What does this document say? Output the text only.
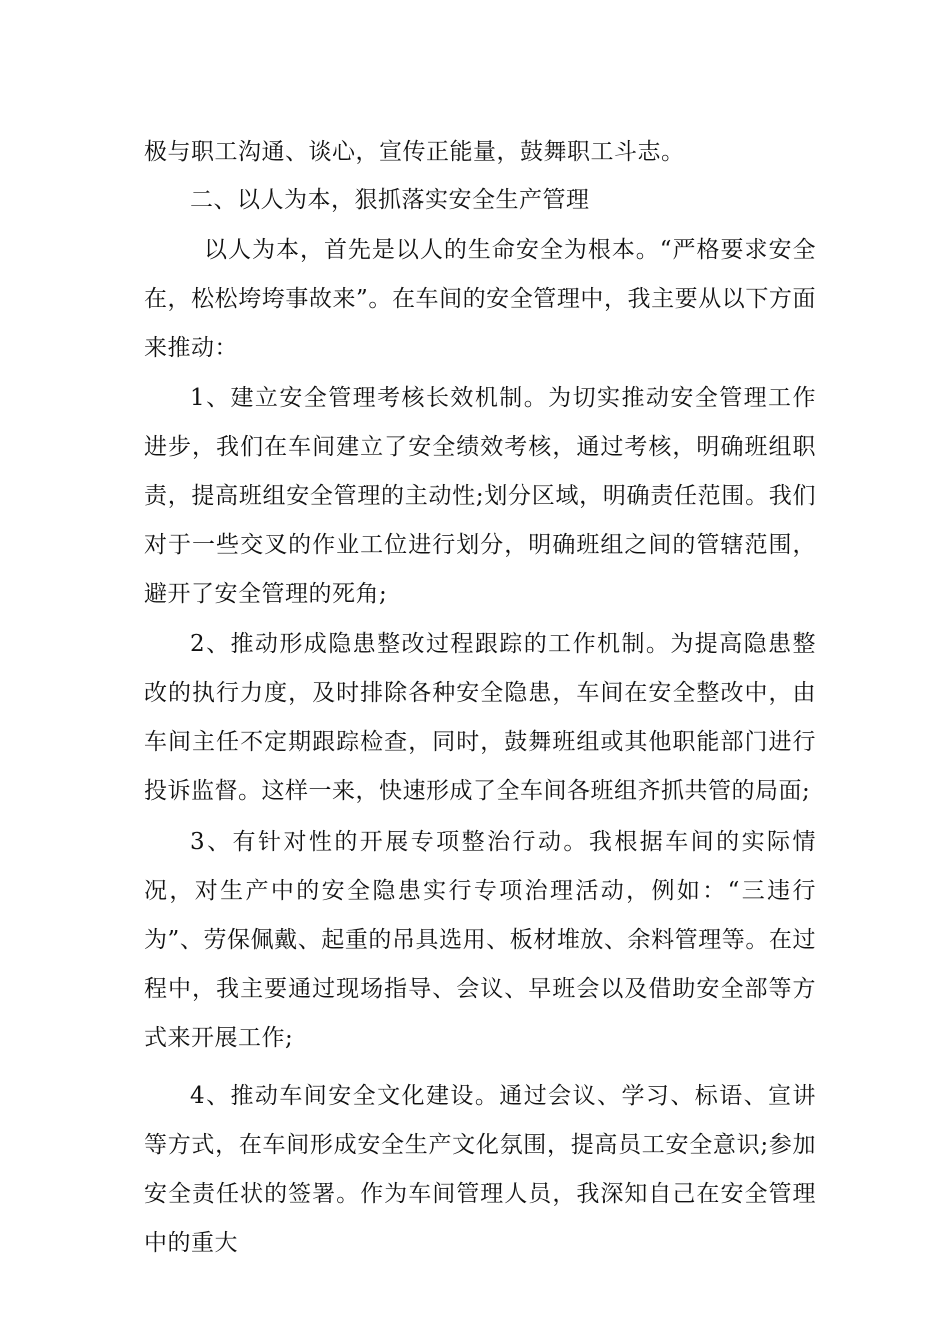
极与职工沟通、谈心，宣传正能量，鼓舞职工斗志。

二、以人为本，狠抓落实安全生产管理

以人为本，首先是以人的生命安全为根本。“严格要求安全在，松松垮垮事故来”。在车间的安全管理中，我主要从以下方面来推动：

1、建立安全管理考核长效机制。为切实推动安全管理工作进步，我们在车间建立了安全绩效考核，通过考核，明确班组职责，提高班组安全管理的主动性;划分区域，明确责任范围。我们对于一些交叉的作业工位进行划分，明确班组之间的管辖范围，避开了安全管理的死角;

2、推动形成隐患整改过程跟踪的工作机制。为提高隐患整改的执行力度，及时排除各种安全隐患，车间在安全整改中，由车间主任不定期跟踪检查，同时，鼓舞班组或其他职能部门进行投诉监督。这样一来，快速形成了全车间各班组齐抓共管的局面;

3、有针对性的开展专项整治行动。我根据车间的实际情况，对生产中的安全隐患实行专项治理活动，例如：“三违行为”、劳保佩戴、起重的吊具选用、板材堆放、余料管理等。在过程中，我主要通过现场指导、会议、早班会以及借助安全部等方式来开展工作;

4、推动车间安全文化建设。通过会议、学习、标语、宣讲等方式，在车间形成安全生产文化氛围，提高员工安全意识;参加安全责任状的签署。作为车间管理人员，我深知自己在安全管理中的重大
